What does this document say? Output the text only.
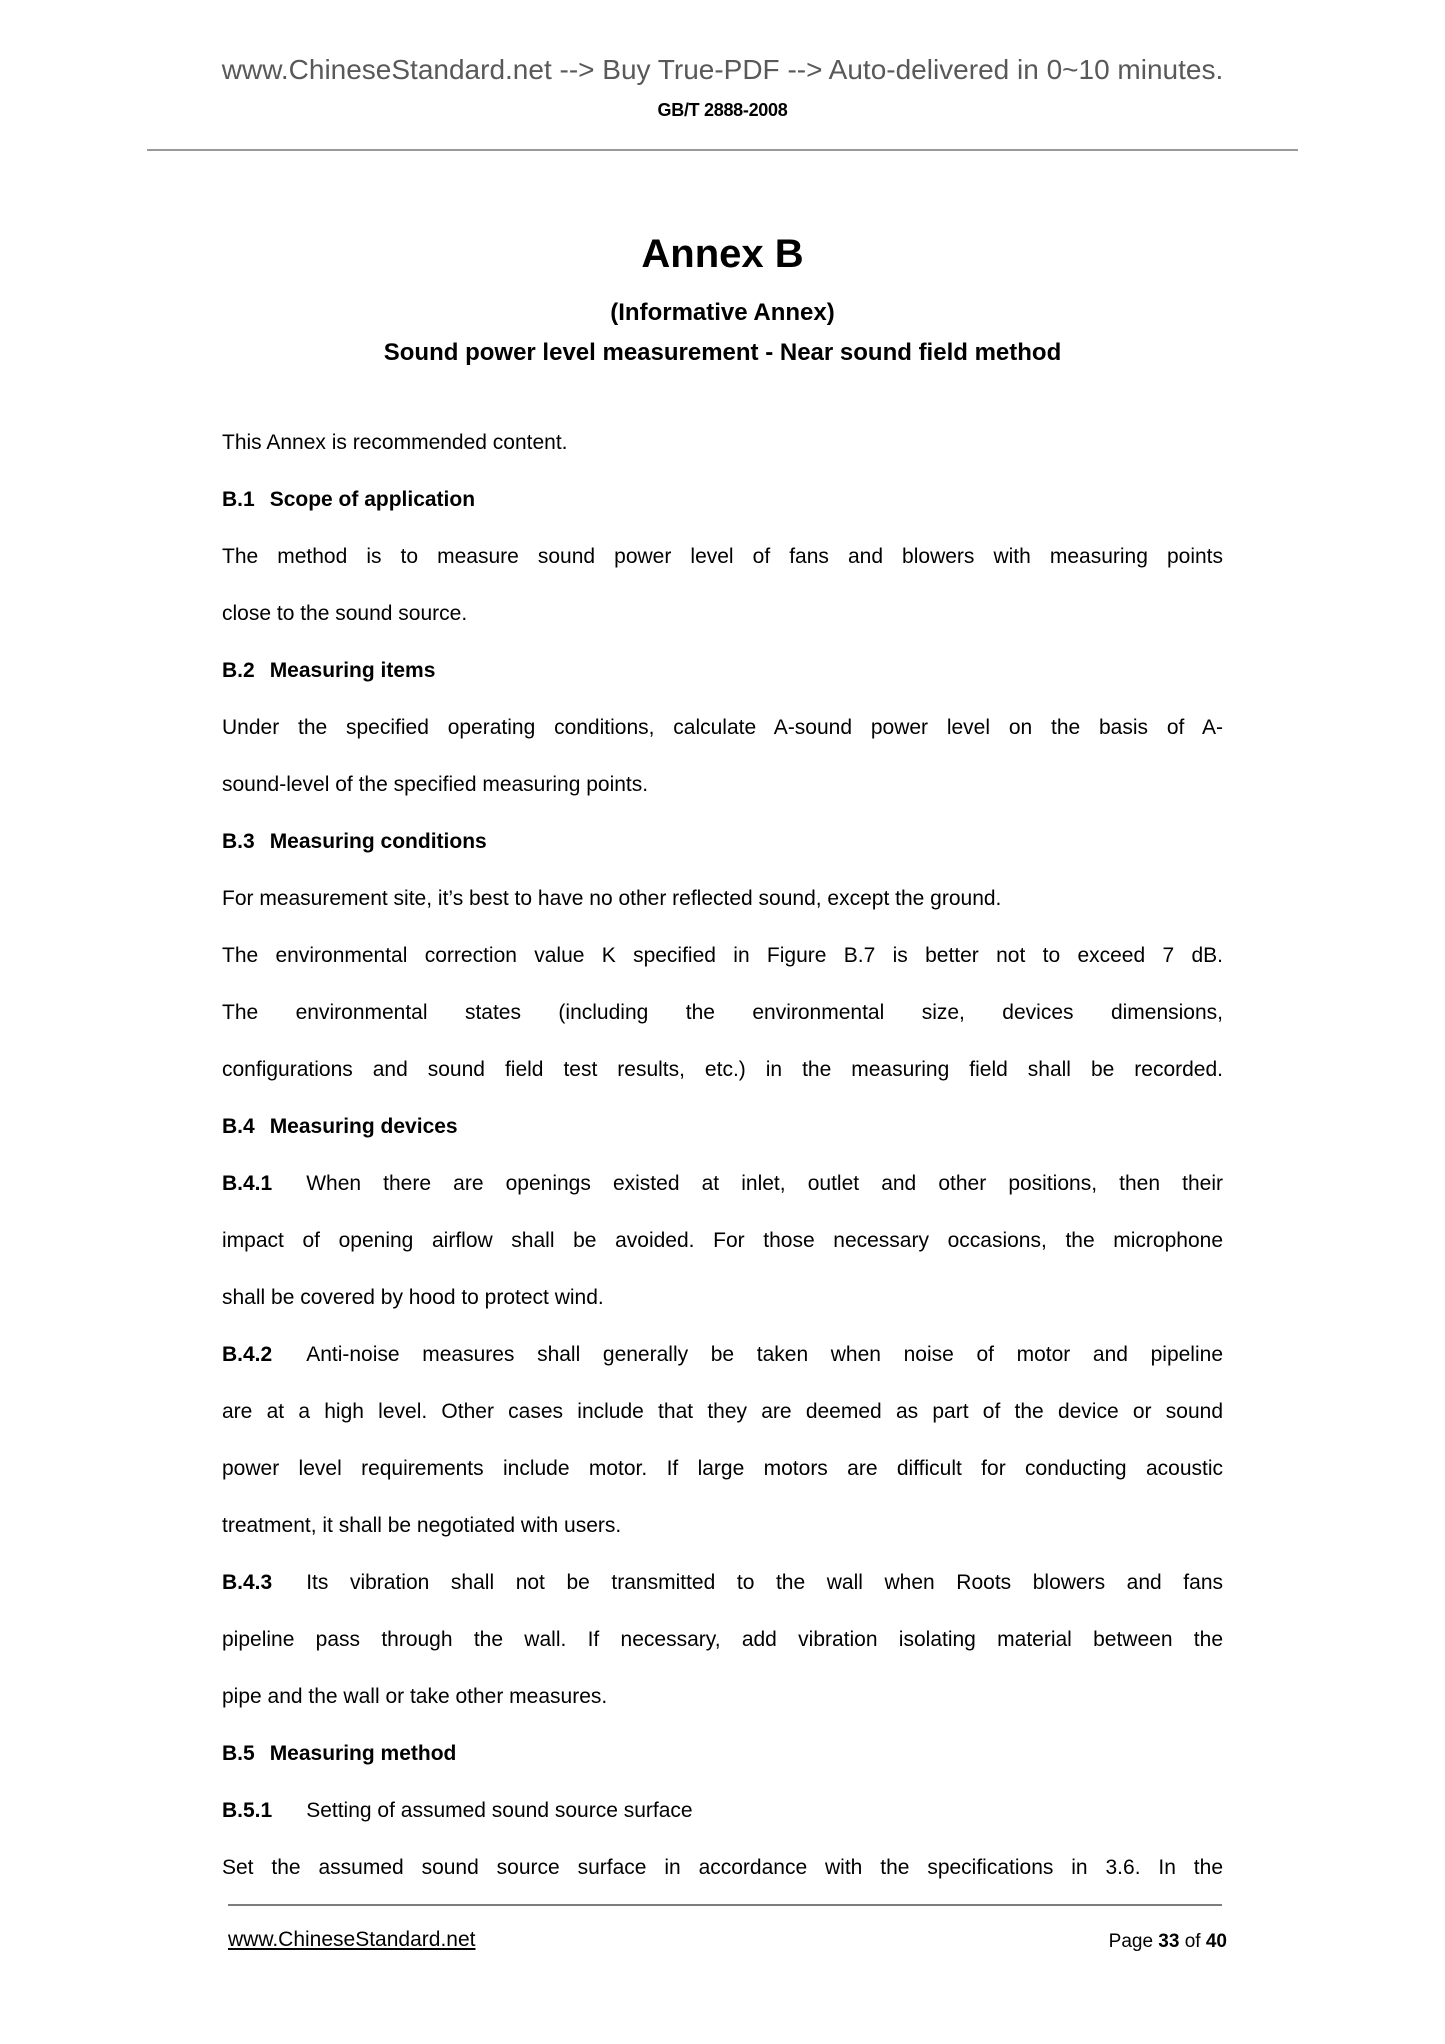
www.ChineseStandard.net --> Buy True-PDF --> Auto-delivered in 0~10 minutes.
GB/T 2888-2008
Annex B
(Informative Annex)
Sound power level measurement - Near sound field method
This Annex is recommended content.
B.1 Scope of application
The method is to measure sound power level of fans and blowers with measuring points
close to the sound source.
B.2 Measuring items
Under the specified operating conditions, calculate A-sound power level on the basis of A-
sound-level of the specified measuring points.
B.3 Measuring conditions
For measurement site, it’s best to have no other reflected sound, except the ground.
The environmental correction value K specified in Figure B.7 is better not to exceed 7 dB.
The environmental states (including the environmental size, devices dimensions,
configurations and sound field test results, etc.) in the measuring field shall be recorded.
B.4 Measuring devices
B.4.1 When there are openings existed at inlet, outlet and other positions, then their
impact of opening airflow shall be avoided. For those necessary occasions, the microphone
shall be covered by hood to protect wind.
B.4.2 Anti-noise measures shall generally be taken when noise of motor and pipeline
are at a high level. Other cases include that they are deemed as part of the device or sound
power level requirements include motor. If large motors are difficult for conducting acoustic
treatment, it shall be negotiated with users.
B.4.3 Its vibration shall not be transmitted to the wall when Roots blowers and fans
pipeline pass through the wall. If necessary, add vibration isolating material between the
pipe and the wall or take other measures.
B.5 Measuring method
B.5.1 Setting of assumed sound source surface
Set the assumed sound source surface in accordance with the specifications in 3.6. In the
www.ChineseStandard.net	Page 33 of 40
